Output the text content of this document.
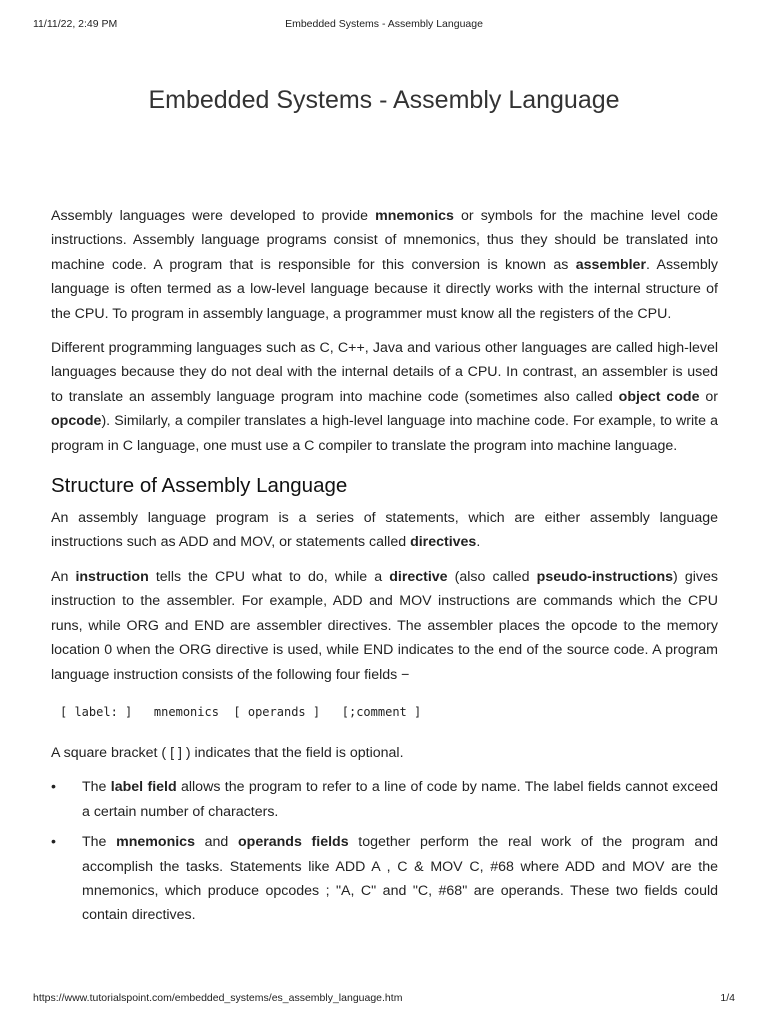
11/11/22, 2:49 PM	Embedded Systems - Assembly Language
Embedded Systems - Assembly Language

Assembly languages were developed to provide mnemonics or symbols for the machine level code instructions. Assembly language programs consist of mnemonics, thus they should be translated into machine code. A program that is responsible for this conversion is known as assembler. Assembly language is often termed as a low-level language because it directly works with the internal structure of the CPU. To program in assembly language, a programmer must know all the registers of the CPU.

Different programming languages such as C, C++, Java and various other languages are called high-level languages because they do not deal with the internal details of a CPU. In contrast, an assembler is used to translate an assembly language program into machine code (sometimes also called object code or opcode). Similarly, a compiler translates a high-level language into machine code. For example, to write a program in C language, one must use a C compiler to translate the program into machine language.

Structure of Assembly Language

An assembly language program is a series of statements, which are either assembly language instructions such as ADD and MOV, or statements called directives.

An instruction tells the CPU what to do, while a directive (also called pseudo-instructions) gives instruction to the assembler. For example, ADD and MOV instructions are commands which the CPU runs, while ORG and END are assembler directives. The assembler places the opcode to the memory location 0 when the ORG directive is used, while END indicates to the end of the source code. A program language instruction consists of the following four fields −

[ label: ]   mnemonics  [ operands ]   [;comment ]

A square bracket ( [ ] ) indicates that the field is optional.

• The label field allows the program to refer to a line of code by name. The label fields cannot exceed a certain number of characters.
• The mnemonics and operands fields together perform the real work of the program and accomplish the tasks. Statements like ADD A , C & MOV C, #68 where ADD and MOV are the mnemonics, which produce opcodes ; "A, C" and "C, #68" are operands. These two fields could contain directives.
https://www.tutorialspoint.com/embedded_systems/es_assembly_language.htm	1/4
